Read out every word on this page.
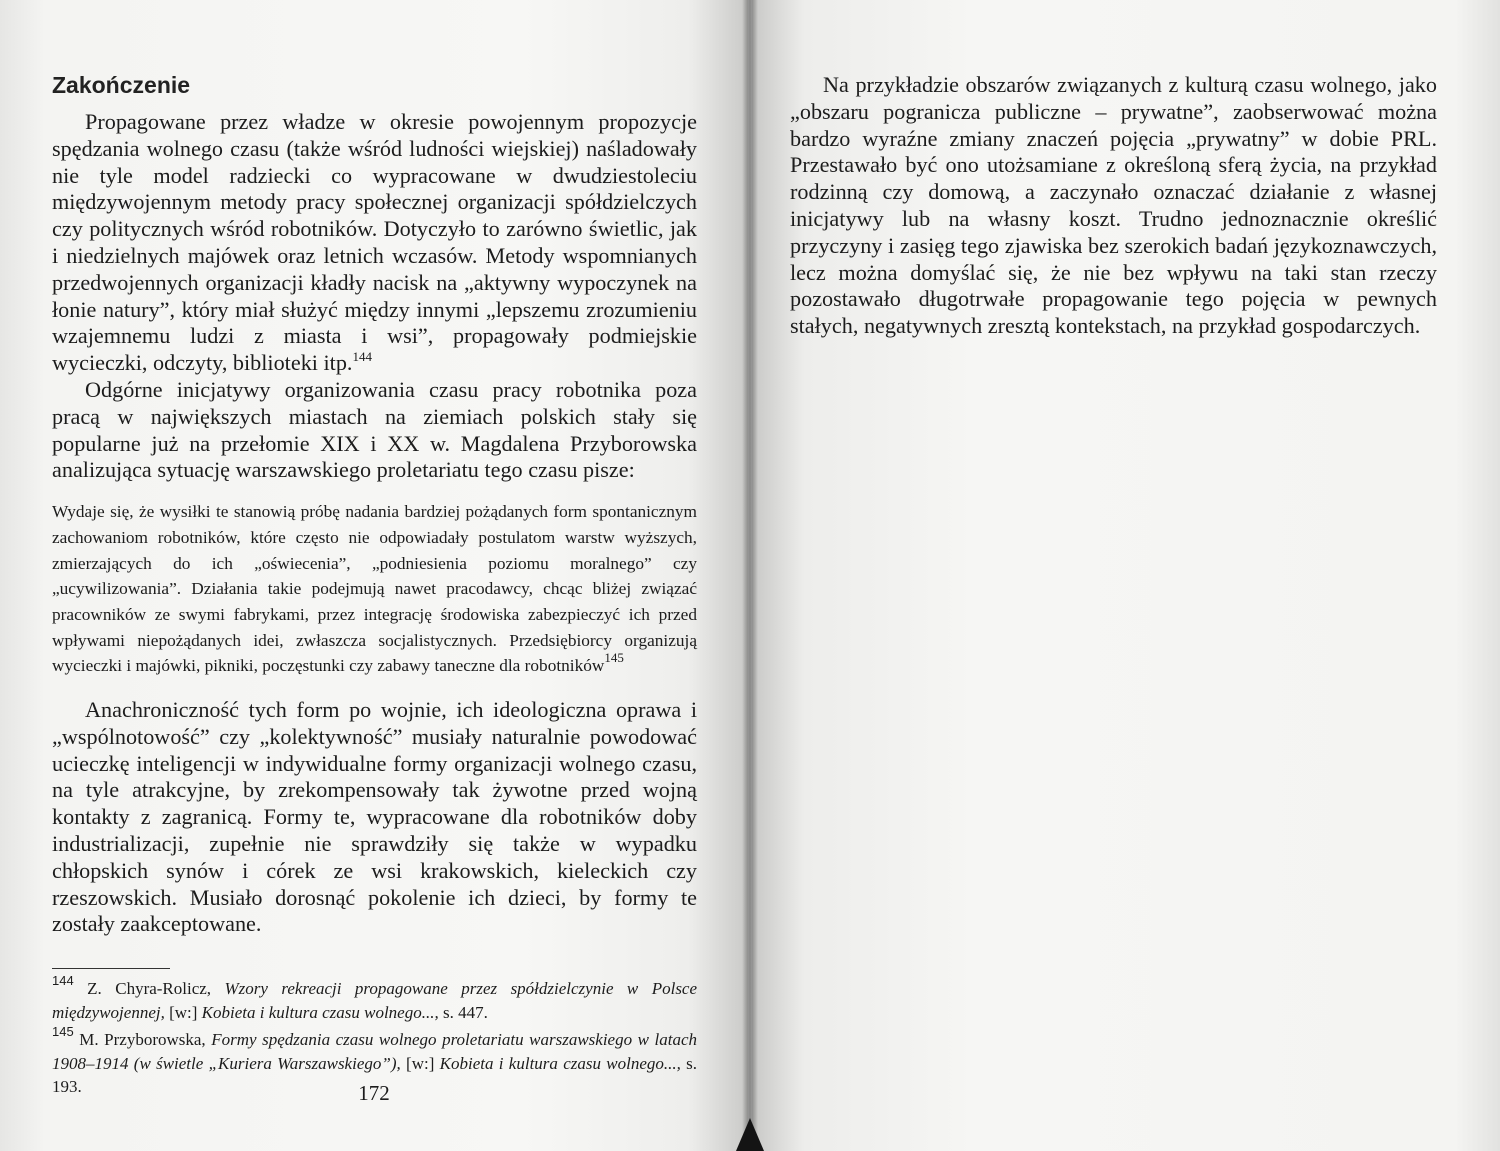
Zakończenie

Propagowane przez władze w okresie powojennym propozycje spędzania wolnego czasu (także wśród ludności wiejskiej) naśladowały nie tyle model radziecki co wypracowane w dwudziestoleciu międzywojennym metody pracy społecznej organizacji spółdzielczych czy politycznych wśród robotników. Dotyczyło to zarówno świetlic, jak i niedzielnych majówek oraz letnich wczasów. Metody wspomnianych przedwojennych organizacji kładły nacisk na „aktywny wypoczynek na łonie natury”, który miał służyć między innymi „lepszemu zrozumieniu wzajemnemu ludzi z miasta i wsi”, propagowały podmiejskie wycieczki, odczyty, biblioteki itp.$^{144}$

Odgórne inicjatywy organizowania czasu pracy robotnika poza pracą w największych miastach na ziemiach polskich stały się popularne już na przełomie XIX i XX w. Magdalena Przyborowska analizująca sytuację warszawskiego proletariatu tego czasu pisze:

Wydaje się, że wysiłki te stanowią próbę nadania bardziej pożądanych form spontanicznym zachowaniom robotników, które często nie odpowiadały postulatom warstw wyższych, zmierzających do ich „oświecenia”, „podniesienia poziomu moralnego” czy „ucywilizowania”. Działania takie podejmują nawet pracodawcy, chcąc bliżej związać pracowników ze swymi fabrykami, przez integrację środowiska zabezpieczyć ich przed wpływami niepożądanych idei, zwłaszcza socjalistycznych. Przedsiębiorcy organizują wycieczki i majówki, pikniki, poczęstunki czy zabawy taneczne dla robotników$^{145}$

Anachroniczność tych form po wojnie, ich ideologiczna oprawa i „wspólnotowość” czy „kolektywność” musiały naturalnie powodować ucieczkę inteligencji w indywidualne formy organizacji wolnego czasu, na tyle atrakcyjne, by zrekompensowały tak żywotne przed wojną kontakty z zagranicą. Formy te, wypracowane dla robotników doby industrializacji, zupełnie nie sprawdziły się także w wypadku chłopskich synów i córek ze wsi krakowskich, kieleckich czy rzeszowskich. Musiało dorosnąć pokolenie ich dzieci, by formy te zostały zaakceptowane.

$^{144}$ Z. Chyra-Rolicz, Wzory rekreacji propagowane przez spółdzielczynie w Polsce międzywojennej, [w:] Kobieta i kultura czasu wolnego..., s. 447.

$^{145}$ M. Przyborowska, Formy spędzania czasu wolnego proletariatu warszawskiego w latach 1908–1914 (w świetle „Kuriera Warszawskiego”), [w:] Kobieta i kultura czasu wolnego..., s. 193.	172

Na przykładzie obszarów związanych z kulturą czasu wolnego, jako „obszaru pogranicza publiczne – prywatne”, zaobserwować można bardzo wyraźne zmiany znaczeń pojęcia „prywatny” w dobie PRL. Przestawało być ono utożsamiane z określoną sferą życia, na przykład rodzinną czy domową, a zaczynało oznaczać działanie z własnej inicjatywy lub na własny koszt. Trudno jednoznacznie określić przyczyny i zasięg tego zjawiska bez szerokich badań językoznawczych, lecz można domyślać się, że nie bez wpływu na taki stan rzeczy pozostawało długotrwałe propagowanie tego pojęcia w pewnych stałych, negatywnych zresztą kontekstach, na przykład gospodarczych.
